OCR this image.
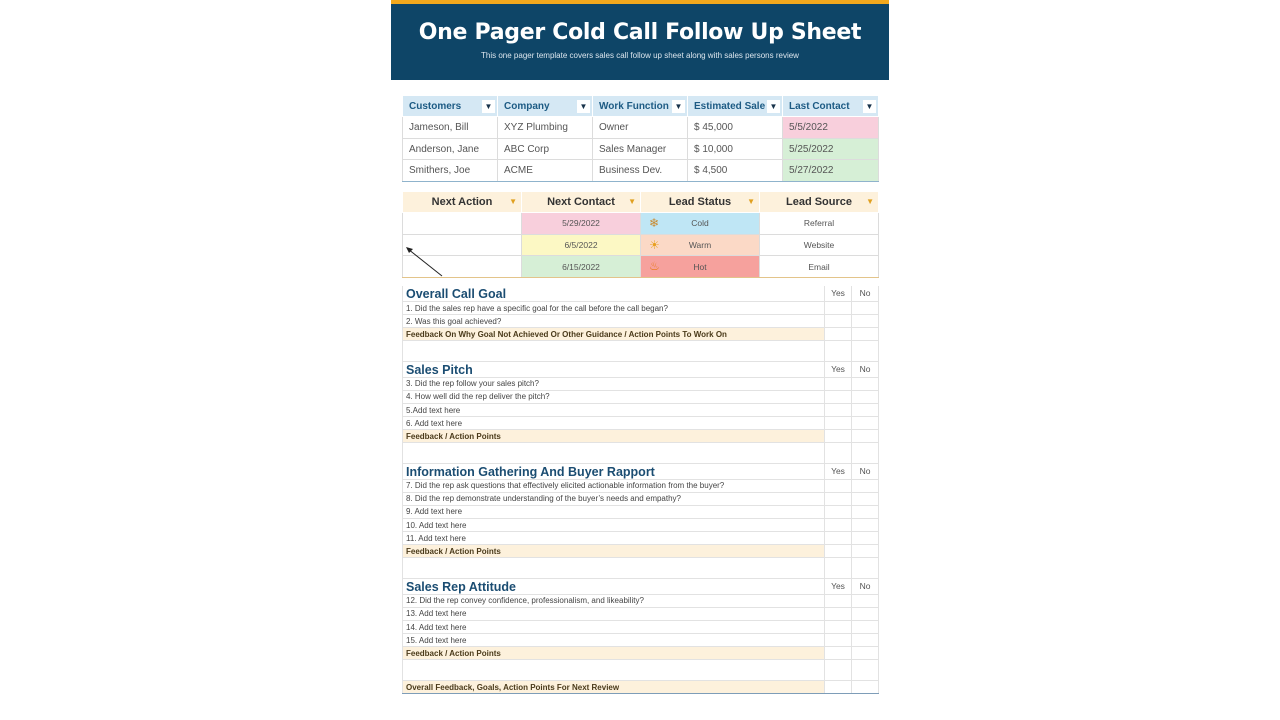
One Pager Cold Call Follow Up Sheet

This one pager template covers sales call follow up sheet along with sales persons review

Customers ▼	Company ▼	Work Function ▼	Estimated Sale ▼	Last Contact ▼

Jameson, Bill	XYZ Plumbing	Owner	$ 45,000	5/5/2022
Anderson, Jane	ABC Corp	Sales Manager	$ 10,000	5/25/2022
Smithers, Joe	ACME	Business Dev.	$ 4,500	5/27/2022
Next Action ▼	Next Contact ▼	Lead Status ▼	Lead Source ▼

	5/29/2022	❄ Cold	Referral
	6/5/2022	☀ Warm	Website
	6/15/2022	♨ Hot	Email
Overall Call Goal	Yes	No
1. Did the sales rep have a specific goal for the call before the call began?		
2. Was this goal achieved?		
Feedback On Why Goal Not Achieved Or Other Guidance / Action Points To Work On		

Sales Pitch	Yes	No
3. Did the rep follow your sales pitch?		
4. How well did the rep deliver the pitch?		
5.Add text here		
6. Add text here		
Feedback / Action Points		

Information Gathering And Buyer Rapport	Yes	No
7. Did the rep ask questions that effectively elicited actionable information from the buyer?		
8. Did the rep demonstrate understanding of the buyer’s needs and empathy?		
9. Add text here		
10. Add text here		
11. Add text here		
Feedback / Action Points		

Sales Rep Attitude	Yes	No
12. Did the rep convey confidence, professionalism, and likeability?		
13. Add text here		
14. Add text here		
15. Add text here		
Feedback / Action Points		

Overall Feedback, Goals, Action Points For Next Review		
